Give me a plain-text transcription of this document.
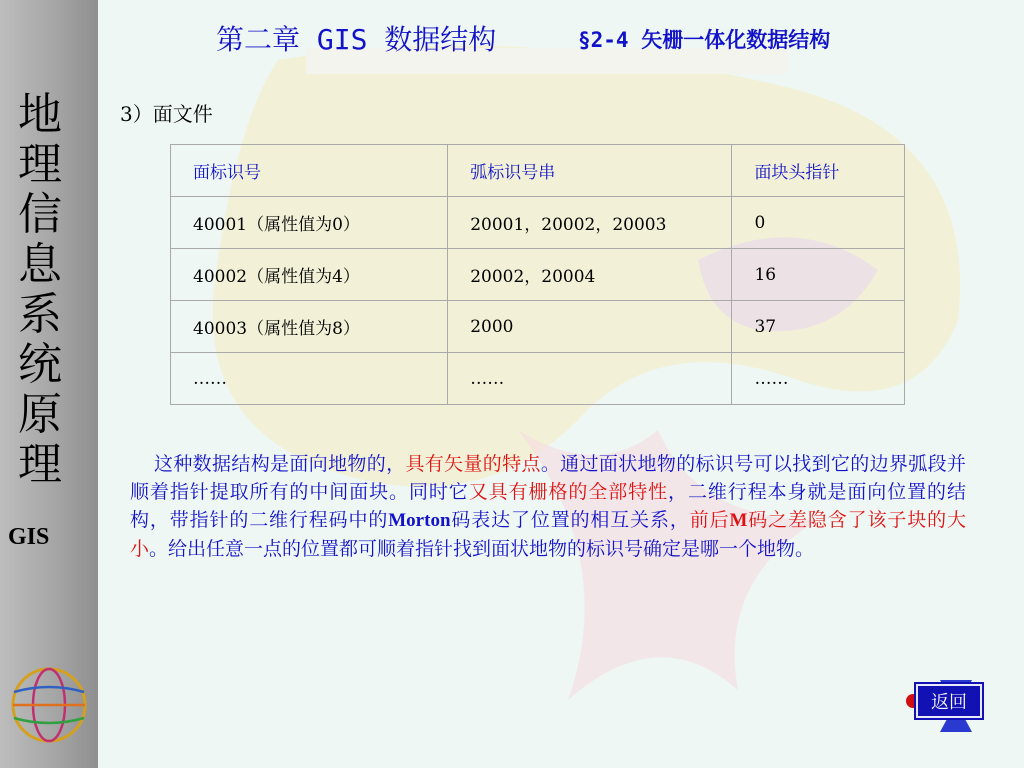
地理信息系统原理
GIS
第二章 GIS 数据结构	§2-4 矢栅一体化数据结构
3）面文件
面标识号	弧标识号串	面块头指针
40001（属性值为0）	20001，20002，20003	0
40002（属性值为4）	20002，20004	16
40003（属性值为8）	2000	37
……	……	……
这种数据结构是面向地物的，具有矢量的特点。通过面状地物的标识号可以找到它的边界弧段并顺着指针提取所有的中间面块。同时它又具有栅格的全部特性，二维行程本身就是面向位置的结构，带指针的二维行程码中的Morton码表达了位置的相互关系，前后M码之差隐含了该子块的大小。给出任意一点的位置都可顺着指针找到面状地物的标识号确定是哪一个地物。
返回
